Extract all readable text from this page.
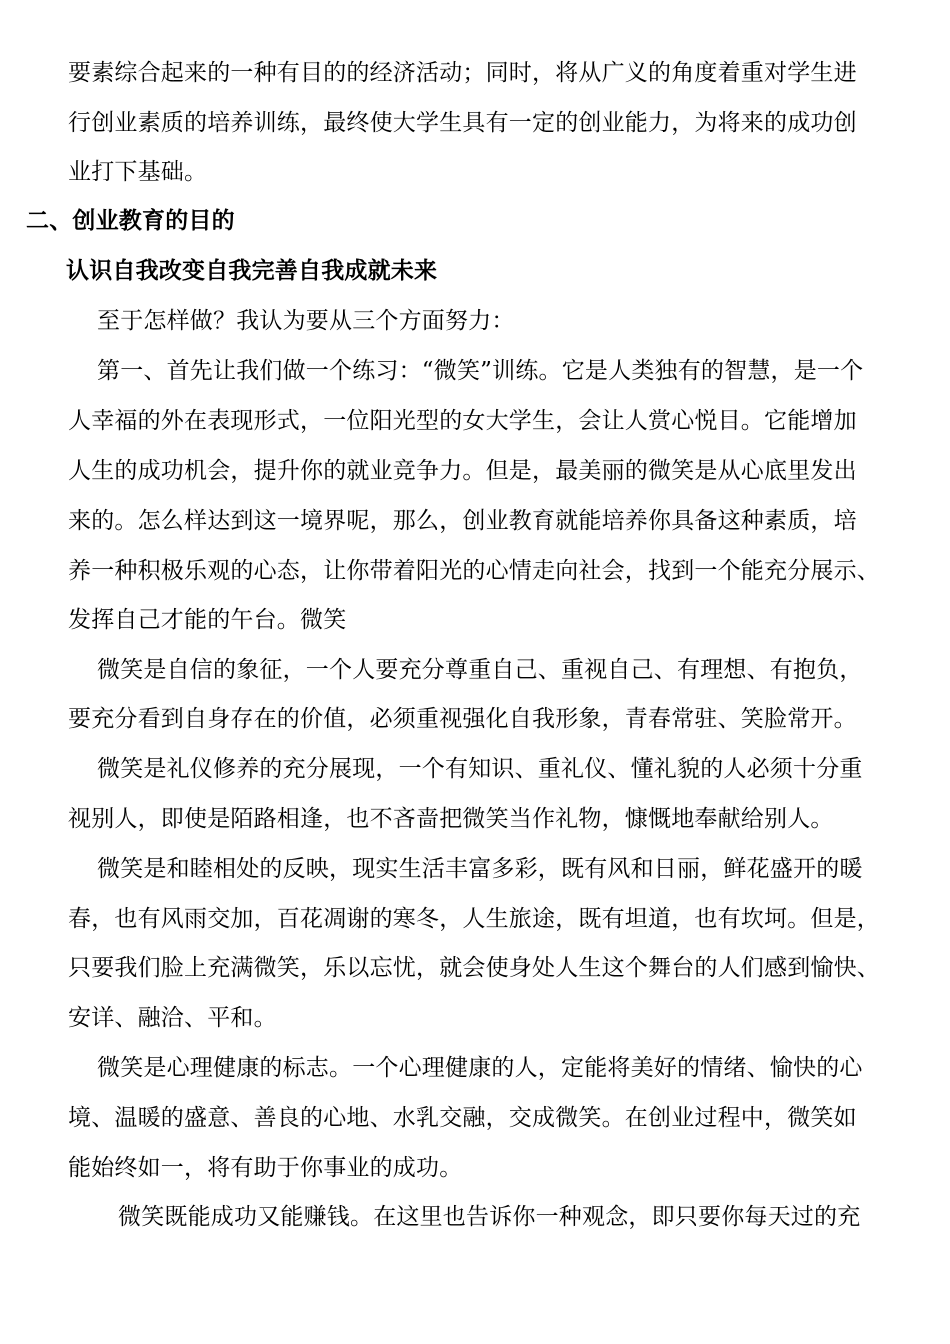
要素综合起来的一种有目的的经济活动；同时，将从广义的角度着重对学生进
行创业素质的培养训练，最终使大学生具有一定的创业能力，为将来的成功创
业打下基础。
二、创业教育的目的
认识自我改变自我完善自我成就未来
至于怎样做？我认为要从三个方面努力：
第一、首先让我们做一个练习：“微笑”训练。它是人类独有的智慧，是一个
人幸福的外在表现形式，一位阳光型的女大学生，会让人赏心悦目。它能增加
人生的成功机会，提升你的就业竞争力。但是，最美丽的微笑是从心底里发出
来的。怎么样达到这一境界呢，那么，创业教育就能培养你具备这种素质，培
养一种积极乐观的心态，让你带着阳光的心情走向社会，找到一个能充分展示、
发挥自己才能的午台。微笑
微笑是自信的象征，一个人要充分尊重自己、重视自己、有理想、有抱负，
要充分看到自身存在的价值，必须重视强化自我形象，青春常驻、笑脸常开。
微笑是礼仪修养的充分展现，一个有知识、重礼仪、懂礼貌的人必须十分重
视别人，即使是陌路相逢，也不吝啬把微笑当作礼物，慷慨地奉献给别人。
微笑是和睦相处的反映，现实生活丰富多彩，既有风和日丽，鲜花盛开的暖
春，也有风雨交加，百花凋谢的寒冬，人生旅途，既有坦道，也有坎坷。但是，
只要我们脸上充满微笑，乐以忘忧，就会使身处人生这个舞台的人们感到愉快、
安详、融洽、平和。
微笑是心理健康的标志。一个心理健康的人，定能将美好的情绪、愉快的心
境、温暖的盛意、善良的心地、水乳交融，交成微笑。在创业过程中，微笑如
能始终如一，将有助于你事业的成功。
微笑既能成功又能赚钱。在这里也告诉你一种观念，即只要你每天过的充
